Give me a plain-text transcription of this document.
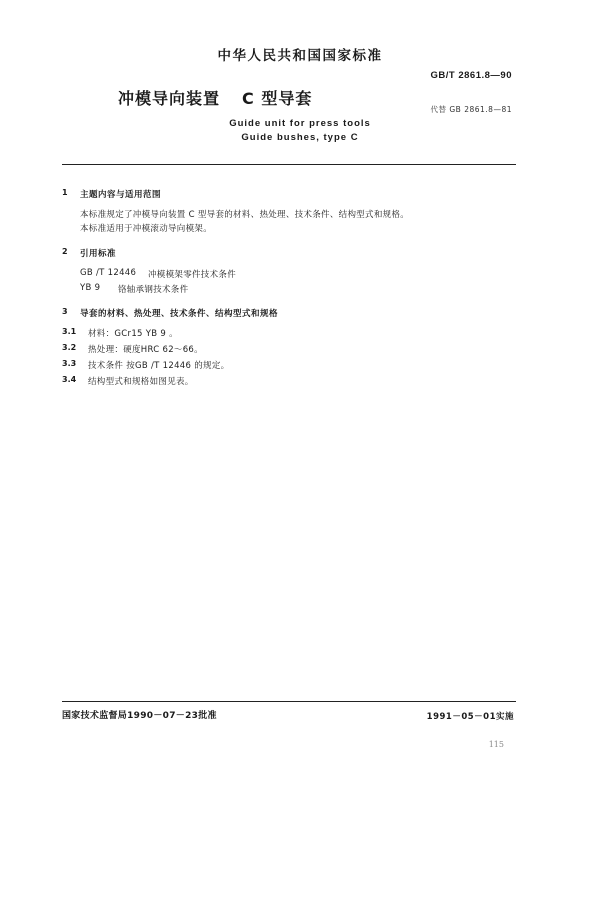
中华人民共和国国家标准
GB/T 2861.8—90
冲模导向装置 C 型导套
代替 GB 2861.8—81
Guide unit for press tools
Guide bushes, type C
1 主题内容与适用范围
本标准规定了冲模导向装置 C 型导套的材料、热处理、技术条件、结构型式和规格。
本标准适用于冲模滚动导向模架。
2 引用标准
GB /T 12446 冲模模架零件技术条件
YB 9 铬轴承钢技术条件
3 导套的材料、热处理、技术条件、结构型式和规格
3.1 材料：GCr15 YB 9 。
3.2 热处理：硬度HRC 62～66。
3.3 技术条件 按GB /T 12446 的规定。
3.4 结构型式和规格如图见表。
国家技术监督局1990－07－23批准	1991－05－01实施
115
